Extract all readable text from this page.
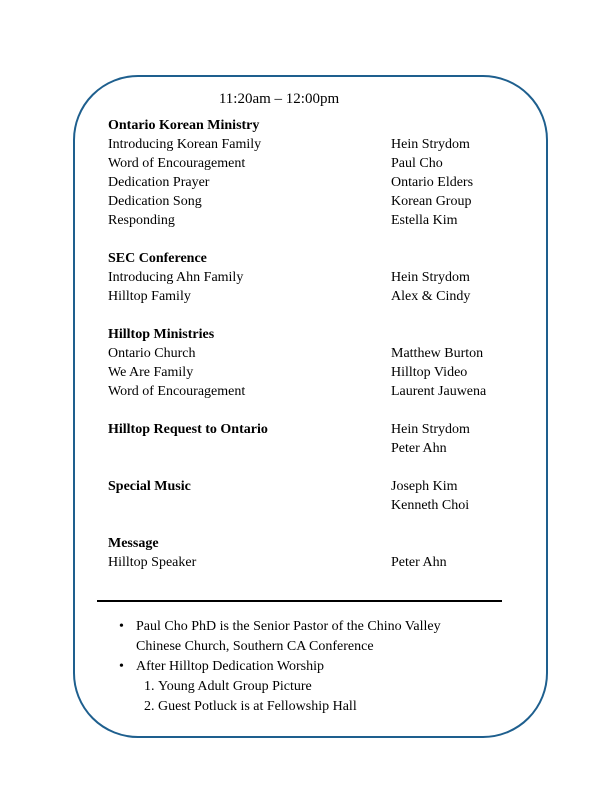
11:20am – 12:00pm
Ontario Korean Ministry
Introducing Korean Family	Hein Strydom
Word of Encouragement	Paul Cho
Dedication Prayer	Ontario Elders
Dedication Song	Korean Group
Responding	Estella Kim
SEC Conference
Introducing Ahn Family	Hein Strydom
Hilltop Family	Alex & Cindy
Hilltop Ministries
Ontario Church	Matthew Burton
We Are Family	Hilltop Video
Word of Encouragement	Laurent Jauwena
Hilltop Request to Ontario	Hein Strydom
Peter Ahn
Special Music	Joseph Kim
Kenneth Choi
Message
Hilltop Speaker	Peter Ahn
• Paul Cho PhD is the Senior Pastor of the Chino Valley Chinese Church, Southern CA Conference
• After Hilltop Dedication Worship
1. Young Adult Group Picture
2. Guest Potluck is at Fellowship Hall
